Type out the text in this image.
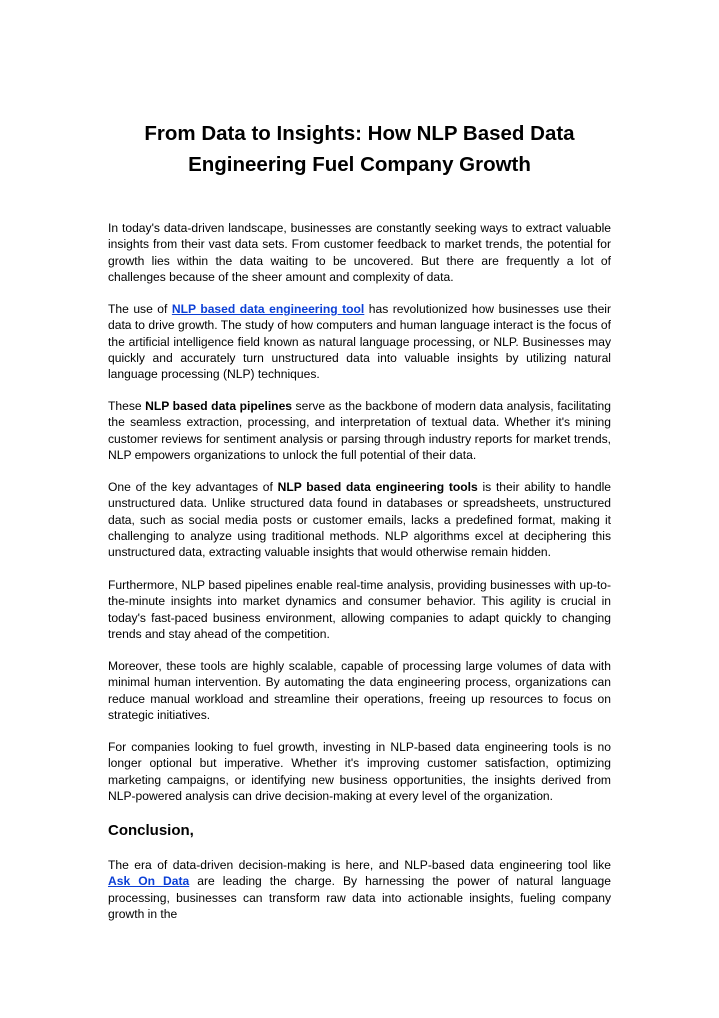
From Data to Insights: How NLP Based Data Engineering Fuel Company Growth

In today's data-driven landscape, businesses are constantly seeking ways to extract valuable insights from their vast data sets. From customer feedback to market trends, the potential for growth lies within the data waiting to be uncovered. But there are frequently a lot of challenges because of the sheer amount and complexity of data.

The use of NLP based data engineering tool has revolutionized how businesses use their data to drive growth. The study of how computers and human language interact is the focus of the artificial intelligence field known as natural language processing, or NLP. Businesses may quickly and accurately turn unstructured data into valuable insights by utilizing natural language processing (NLP) techniques.

These NLP based data pipelines serve as the backbone of modern data analysis, facilitating the seamless extraction, processing, and interpretation of textual data. Whether it's mining customer reviews for sentiment analysis or parsing through industry reports for market trends, NLP empowers organizations to unlock the full potential of their data.

One of the key advantages of NLP based data engineering tools is their ability to handle unstructured data. Unlike structured data found in databases or spreadsheets, unstructured data, such as social media posts or customer emails, lacks a predefined format, making it challenging to analyze using traditional methods. NLP algorithms excel at deciphering this unstructured data, extracting valuable insights that would otherwise remain hidden.

Furthermore, NLP based pipelines enable real-time analysis, providing businesses with up-to-the-minute insights into market dynamics and consumer behavior. This agility is crucial in today's fast-paced business environment, allowing companies to adapt quickly to changing trends and stay ahead of the competition.

Moreover, these tools are highly scalable, capable of processing large volumes of data with minimal human intervention. By automating the data engineering process, organizations can reduce manual workload and streamline their operations, freeing up resources to focus on strategic initiatives.

For companies looking to fuel growth, investing in NLP-based data engineering tools is no longer optional but imperative. Whether it's improving customer satisfaction, optimizing marketing campaigns, or identifying new business opportunities, the insights derived from NLP-powered analysis can drive decision-making at every level of the organization.

Conclusion,

The era of data-driven decision-making is here, and NLP-based data engineering tool like Ask On Data are leading the charge. By harnessing the power of natural language processing, businesses can transform raw data into actionable insights, fueling company growth in the
